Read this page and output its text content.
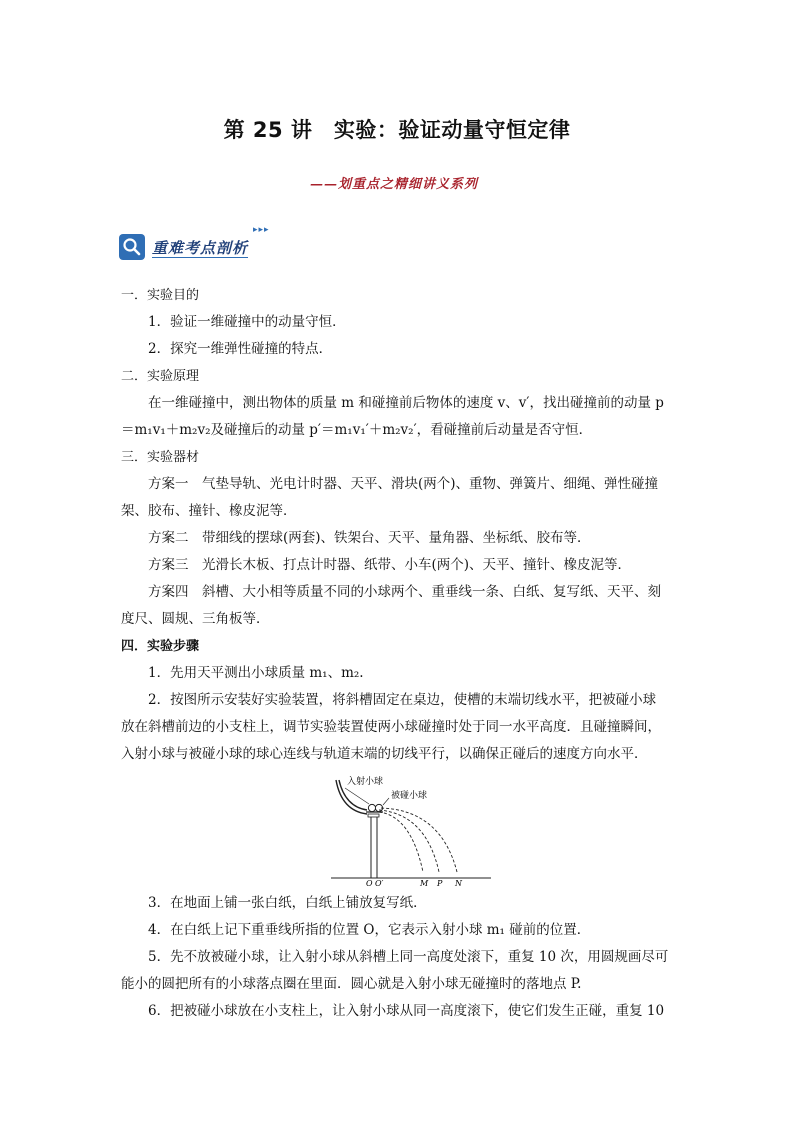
第 25 讲　实验：验证动量守恒定律
——划重点之精细讲义系列
重难考点剖析
▸▸▸
一．实验目的
1．验证一维碰撞中的动量守恒．
2．探究一维弹性碰撞的特点．
二．实验原理
在一维碰撞中，测出物体的质量 m 和碰撞前后物体的速度 v、v′，找出碰撞前的动量 p
＝m₁v₁＋m₂v₂及碰撞后的动量 p′＝m₁v₁′＋m₂v₂′，看碰撞前后动量是否守恒．
三．实验器材
方案一　气垫导轨、光电计时器、天平、滑块(两个)、重物、弹簧片、细绳、弹性碰撞
架、胶布、撞针、橡皮泥等．
方案二　带细线的摆球(两套)、铁架台、天平、量角器、坐标纸、胶布等．
方案三　光滑长木板、打点计时器、纸带、小车(两个)、天平、撞针、橡皮泥等．
方案四　斜槽、大小相等质量不同的小球两个、重垂线一条、白纸、复写纸、天平、刻
度尺、圆规、三角板等．
四．实验步骤
1．先用天平测出小球质量 m₁、m₂.
2．按图所示安装好实验装置，将斜槽固定在桌边，使槽的末端切线水平，把被碰小球
放在斜槽前边的小支柱上，调节实验装置使两小球碰撞时处于同一水平高度．且碰撞瞬间，
入射小球与被碰小球的球心连线与轨道末端的切线平行，以确保正碰后的速度方向水平．
入射小球
被碰小球
O O′	M P N
3．在地面上铺一张白纸，白纸上铺放复写纸．
4．在白纸上记下重垂线所指的位置 O，它表示入射小球 m₁ 碰前的位置．
5．先不放被碰小球，让入射小球从斜槽上同一高度处滚下，重复 10 次，用圆规画尽可
能小的圆把所有的小球落点圈在里面．圆心就是入射小球无碰撞时的落地点 P.
6．把被碰小球放在小支柱上，让入射小球从同一高度滚下，使它们发生正碰，重复 10
